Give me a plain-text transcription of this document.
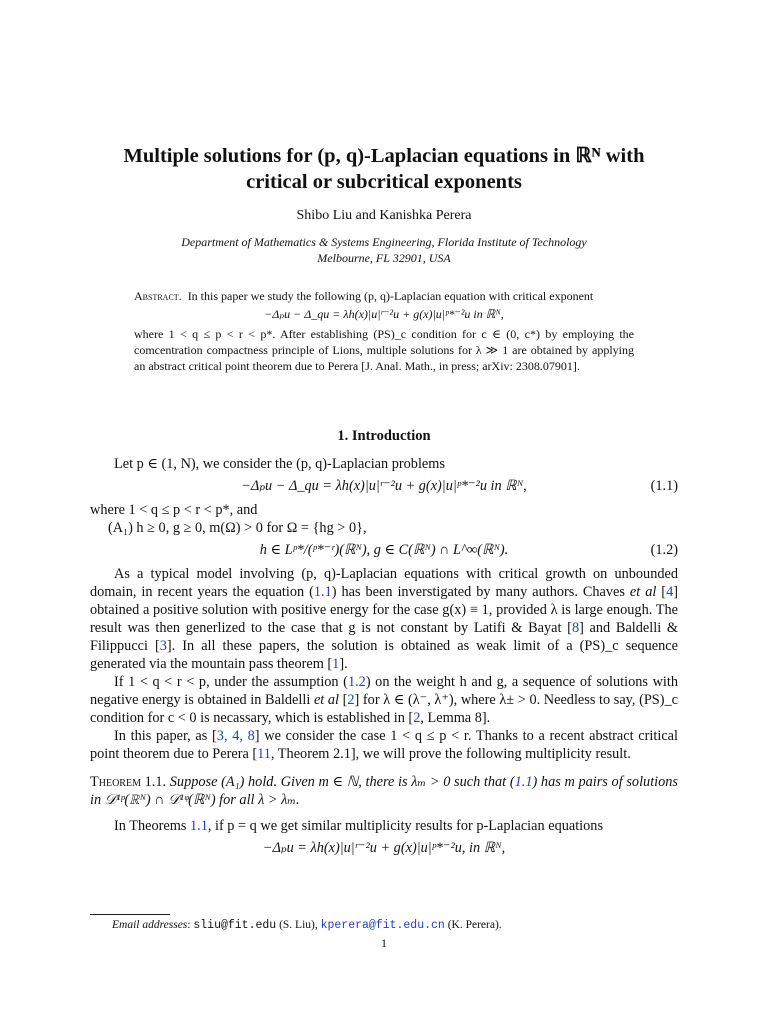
Multiple solutions for (p, q)-Laplacian equations in ℝᴺ with
critical or subcritical exponents
Shibo Liu and Kanishka Perera
Department of Mathematics & Systems Engineering, Florida Institute of Technology
Melbourne, FL 32901, USA
Abstract. In this paper we study the following (p, q)-Laplacian equation with critical exponent
−Δₚu − Δ_qu = λh(x)|u|ʳ⁻²u + g(x)|u|ᵖ*⁻²u in ℝᴺ,
where 1 < q ≤ p < r < p*. After establishing (PS)_c condition for c ∈ (0, c*) by employing the comcentration compactness principle of Lions, multiple solutions for λ ≫ 1 are obtained by applying an abstract critical point theorem due to Perera [J. Anal. Math., in press; arXiv: 2308.07901].
1. Introduction

Let p ∈ (1, N), we consider the (p, q)-Laplacian problems

−Δₚu − Δ_qu = λh(x)|u|ʳ⁻²u + g(x)|u|ᵖ*⁻²u in ℝᴺ,	(1.1)

where 1 < q ≤ p < r < p*, and

(A₁) h ≥ 0, g ≥ 0, m(Ω) > 0 for Ω = {hg > 0},

h ∈ Lᵖ*/(ᵖ*⁻ʳ)(ℝᴺ), g ∈ C(ℝᴺ) ∩ L^∞(ℝᴺ).	(1.2)

As a typical model involving (p, q)-Laplacian equations with critical growth on unbounded domain, in recent years the equation (1.1) has been inverstigated by many authors. Chaves et al [4] obtained a positive solution with positive energy for the case g(x) ≡ 1, provided λ is large enough. The result was then generlized to the case that g is not constant by Latifi & Bayat [8] and Baldelli & Filippucci [3]. In all these papers, the solution is obtained as weak limit of a (PS)_c sequence generated via the mountain pass theorem [1].

If 1 < q < r < p, under the assumption (1.2) on the weight h and g, a sequence of solutions with negative energy is obtained in Baldelli et al [2] for λ ∈ (λ⁻, λ⁺), where λ± > 0. Needless to say, (PS)_c condition for c < 0 is necassary, which is established in [2, Lemma 8].

In this paper, as [3, 4, 8] we consider the case 1 < q ≤ p < r. Thanks to a recent abstract critical point theorem due to Perera [11, Theorem 2.1], we will prove the following multiplicity result.

Theorem 1.1. Suppose (A₁) hold. Given m ∈ ℕ, there is λₘ > 0 such that (1.1) has m pairs of solutions in 𝒟¹ᵖ(ℝᴺ) ∩ 𝒟¹ᵠ(ℝᴺ) for all λ > λₘ.

In Theorems 1.1, if p = q we get similar multiplicity results for p-Laplacian equations

−Δₚu = λh(x)|u|ʳ⁻²u + g(x)|u|ᵖ*⁻²u, in ℝᴺ,
Email addresses: sliu@fit.edu (S. Liu), kperera@fit.edu.cn (K. Perera).
1
